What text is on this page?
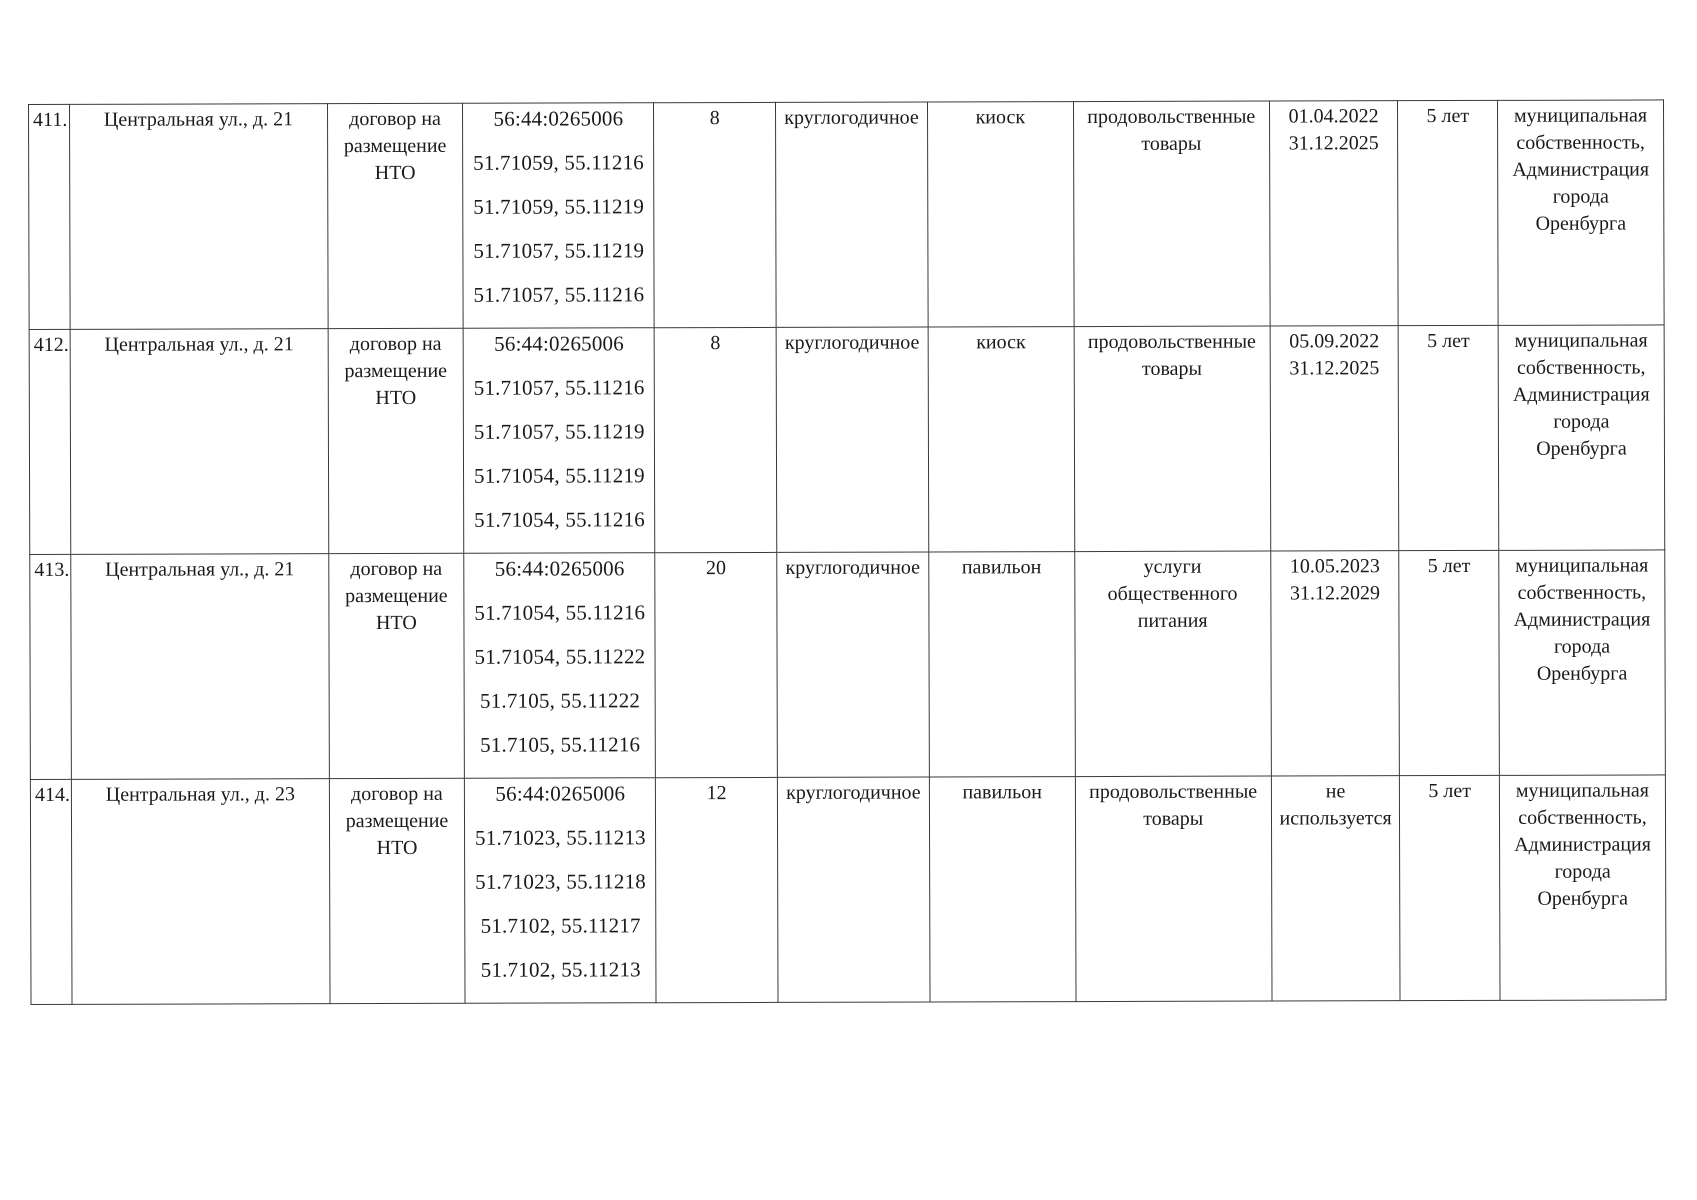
411.	Центральная ул., д. 21	договор на
размещение
НТО	56:44:0265006
51.71059, 55.11216
51.71059, 55.11219
51.71057, 55.11219
51.71057, 55.11216	8	круглогодичное	киоск	продовольственные
товары	01.04.2022
31.12.2025	5 лет	муниципальная
собственность,
Администрация
города
Оренбурга

412.	Центральная ул., д. 21	договор на
размещение
НТО	56:44:0265006
51.71057, 55.11216
51.71057, 55.11219
51.71054, 55.11219
51.71054, 55.11216	8	круглогодичное	киоск	продовольственные
товары	05.09.2022
31.12.2025	5 лет	муниципальная
собственность,
Администрация
города
Оренбурга

413.	Центральная ул., д. 21	договор на
размещение
НТО	56:44:0265006
51.71054, 55.11216
51.71054, 55.11222
51.7105, 55.11222
51.7105, 55.11216	20	круглогодичное	павильон	услуги
общественного
питания	10.05.2023
31.12.2029	5 лет	муниципальная
собственность,
Администрация
города
Оренбурга

414.	Центральная ул., д. 23	договор на
размещение
НТО	56:44:0265006
51.71023, 55.11213
51.71023, 55.11218
51.7102, 55.11217
51.7102, 55.11213	12	круглогодичное	павильон	продовольственные
товары	не
используется	5 лет	муниципальная
собственность,
Администрация
города
Оренбурга
